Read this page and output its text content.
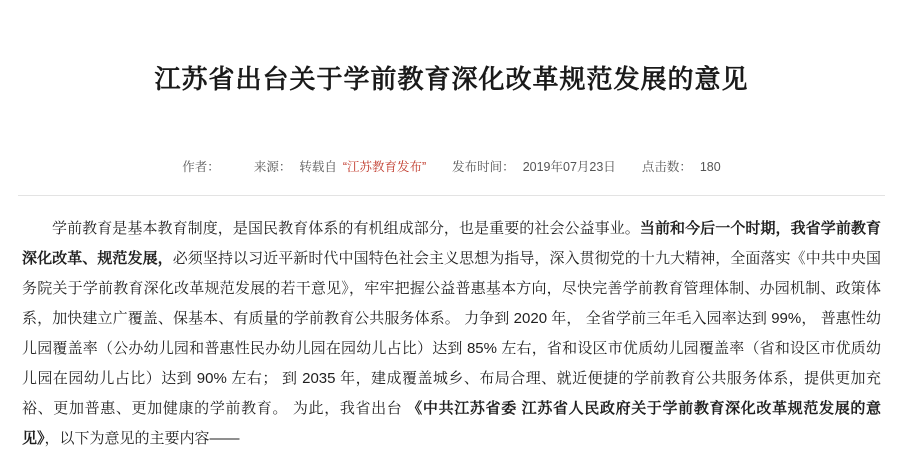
江苏省出台关于学前教育深化改革规范发展的意见
作者：	来源： 转载自 “江苏教育发布” 发布时间： 2019年07月23日 点击数： 180

学前教育是基本教育制度，是国民教育体系的有机组成部分，也是重要的社会公益事业。当前和今后一个时期，我省学前教育深化改革、规范发展，必须坚持以习近平新时代中国特色社会主义思想为指导，深入贯彻党的十九大精神，全面落实《中共中央国务院关于学前教育深化改革规范发展的若干意见》，牢牢把握公益普惠基本方向，尽快完善学前教育管理体制、办园机制、政策体系，加快建立广覆盖、保基本、有质量的学前教育公共服务体系。 力争到 2020 年， 全省学前三年毛入园率达到 99%， 普惠性幼儿园覆盖率（公办幼儿园和普惠性民办幼儿园在园幼儿占比）达到 85% 左右，省和设区市优质幼儿园覆盖率（省和设区市优质幼儿园在园幼儿占比）达到 90% 左右； 到 2035 年，建成覆盖城乡、布局合理、就近便捷的学前教育公共服务体系，提供更加充裕、更加普惠、更加健康的学前教育。 为此，我省出台 《中共江苏省委 江苏省人民政府关于学前教育深化改革规范发展的意见》，以下为意见的主要内容——
